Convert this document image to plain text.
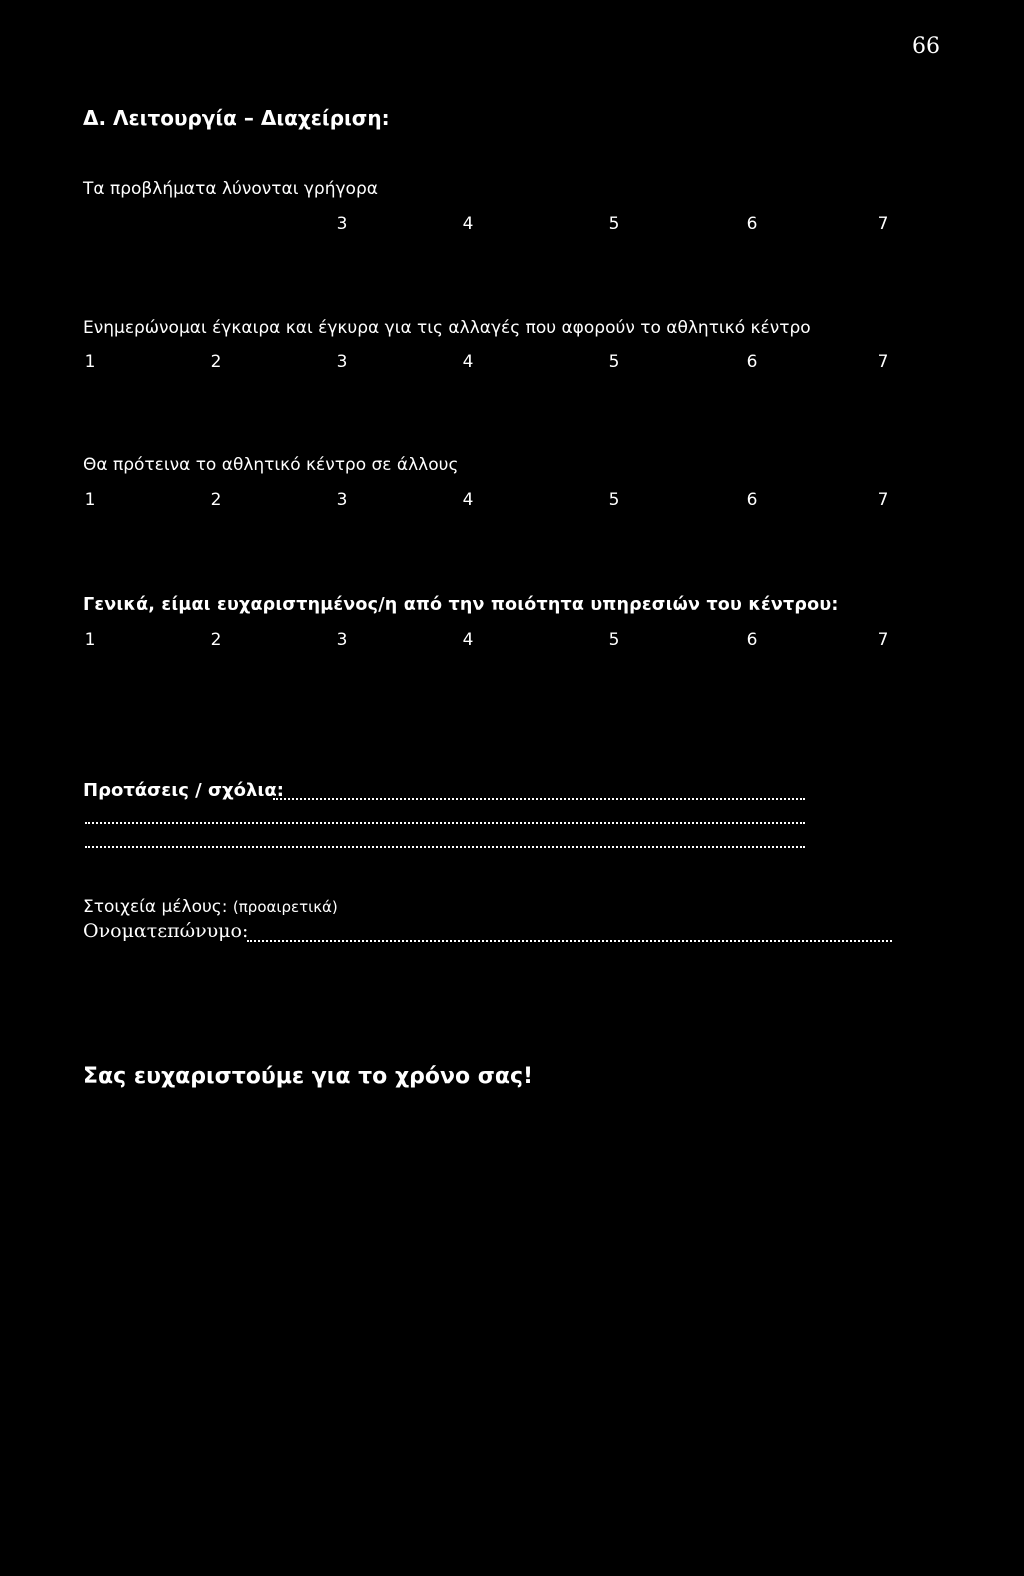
66
Δ. Λειτουργία – Διαχείριση:
Τα προβλήματα λύνονται γρήγορα
3	4	5	6	7
Ενημερώνομαι έγκαιρα και έγκυρα για τις αλλαγές που αφορούν το αθλητικό κέντρο
1	2	3	4	5	6	7
Θα πρότεινα το αθλητικό κέντρο σε άλλους
1	2	3	4	5	6	7
Γενικά, είμαι ευχαριστημένος/η από την ποιότητα υπηρεσιών του κέντρου:
1	2	3	4	5	6	7
Προτάσεις / σχόλια:
Στοιχεία μέλους: (προαιρετικά)
Ονοματεπώνυμο:
Σας ευχαριστούμε για το χρόνο σας!
